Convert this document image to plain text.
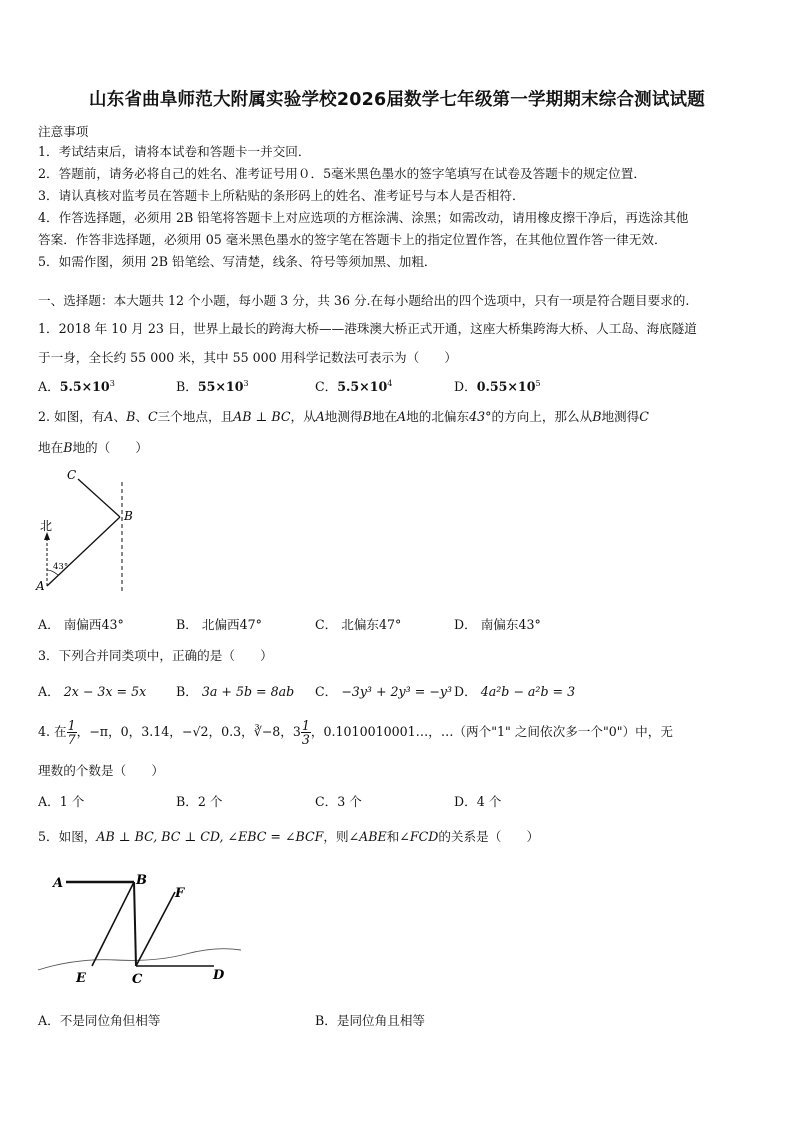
山东省曲阜师范大附属实验学校2026届数学七年级第一学期期末综合测试试题
注意事项
1．考试结束后，请将本试卷和答题卡一并交回．
2．答题前，请务必将自己的姓名、准考证号用０．5毫米黑色墨水的签字笔填写在试卷及答题卡的规定位置．
3．请认真核对监考员在答题卡上所粘贴的条形码上的姓名、准考证号与本人是否相符．
4．作答选择题，必须用 2B 铅笔将答题卡上对应选项的方框涂满、涂黑；如需改动，请用橡皮擦干净后，再选涂其他
答案．作答非选择题，必须用 05 毫米黑色墨水的签字笔在答题卡上的指定位置作答，在其他位置作答一律无效．
5．如需作图，须用 2B 铅笔绘、写清楚，线条、符号等须加黑、加粗．
一、选择题：本大题共 12 个小题，每小题 3 分，共 36 分.在每小题给出的四个选项中，只有一项是符合题目要求的.
1．2018 年 10 月 23 日，世界上最长的跨海大桥——港珠澳大桥正式开通，这座大桥集跨海大桥、人工岛、海底隧道
于一身，全长约 55 000 米，其中 55 000 用科学记数法可表示为（　　）
A．$5.5\times 10^3$	B．$55\times 10^3$	C．$5.5\times 10^4$	D．$0.55\times 10^5$
2. 如图，有A、B、C三个地点，且AB ⊥ BC，从A地测得B地在A地的北偏东43°的方向上，那么从B地测得C
地在B地的（　　）
C
B
北
43°
A
A． 南偏西43°	B． 北偏西47°	C． 北偏东47°	D． 南偏东43°
3．下列合并同类项中，正确的是（　　）
A． 2x − 3x = 5x B． 3a + 5b = 8ab C． −3y³ + 2y³ = −y³ D． 4a²b − a²b = 3
4. 在 $\frac{1}{7}$ ，−π，0，3.14，−√2，0.3，∛−8，$3 \frac{1}{3}$ ，0.1010010001…，…（两个"1" 之间依次多一个"0"）中，无
理数的个数是（　　）
A．1 个	B．2 个	C．3 个	D．4 个
5．如图，AB ⊥ BC, BC ⊥ CD, ∠EBC = ∠BCF，则∠ABE和∠FCD的关系是（　　）
A	B
F
E	C	D
A．不是同位角但相等	B．是同位角且相等
